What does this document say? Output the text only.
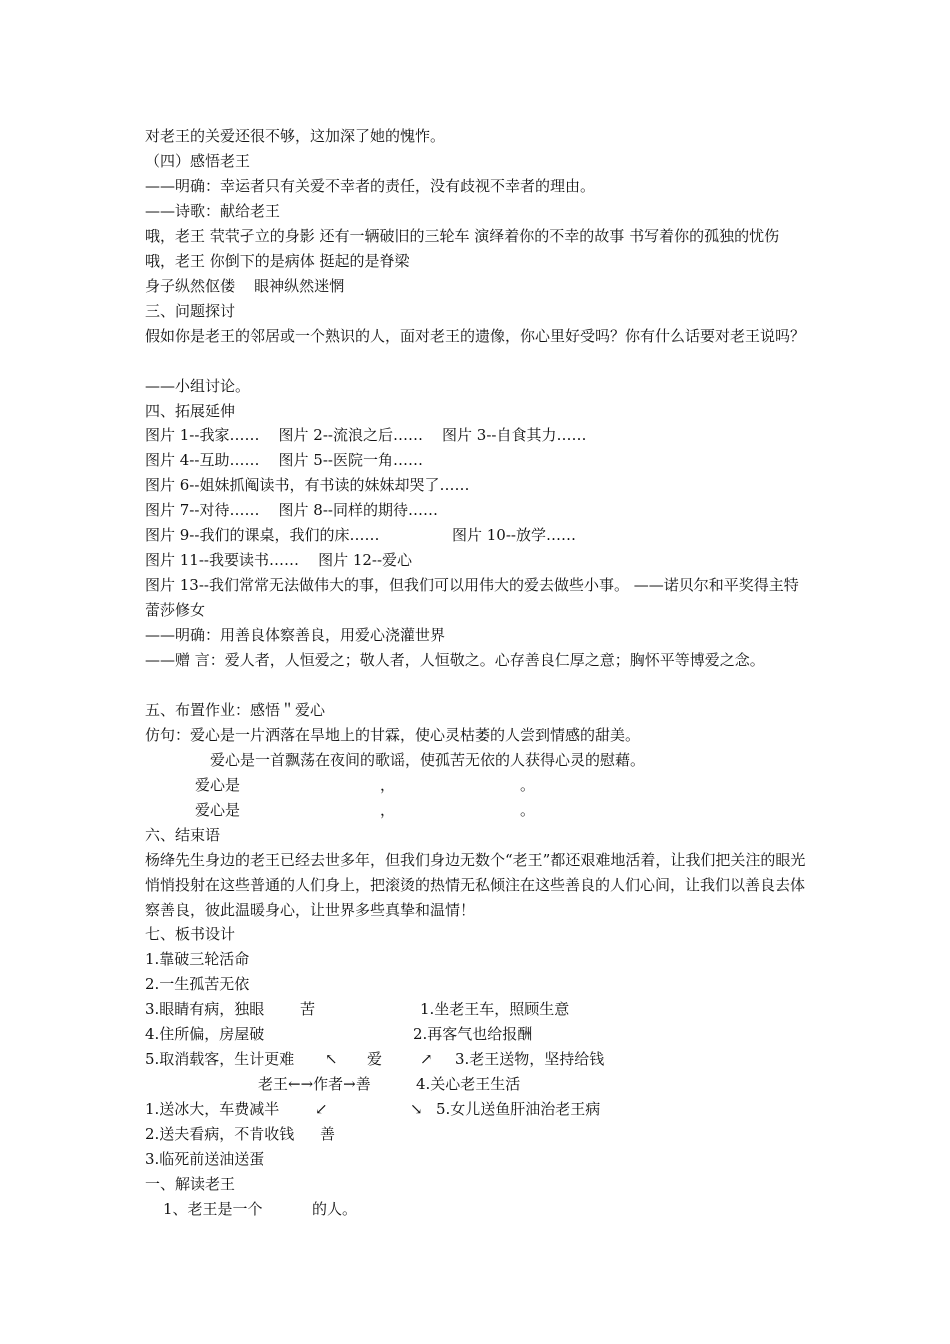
对老王的关爱还很不够，这加深了她的愧怍。
（四）感悟老王
——明确：幸运者只有关爱不幸者的责任，没有歧视不幸者的理由。
——诗歌：献给老王
哦，老王 茕茕孑立的身影 还有一辆破旧的三轮车 演绎着你的不幸的故事 书写着你的孤独的忧伤 哦，老王 你倒下的是病体 挺起的是脊梁
身子纵然伛偻    眼神纵然迷惘
三、问题探讨
假如你是老王的邻居或一个熟识的人，面对老王的遗像，你心里好受吗？你有什么话要对老王说吗？
——小组讨论。
四、拓展延伸
图片 1--我家……    图片 2--流浪之后……    图片 3--自食其力……
图片 4--互助……    图片 5--医院一角……
图片 6--姐妹抓阄读书，有书读的妹妹却哭了……
图片 7--对待……    图片 8--同样的期待……
图片 9--我们的课桌，我们的床……	图片 10--放学……
图片 11--我要读书……    图片 12--爱心
图片 13--我们常常无法做伟大的事，但我们可以用伟大的爱去做些小事。 ——诺贝尔和平奖得主特蕾莎修女
——明确：用善良体察善良，用爱心浇灌世界
——赠 言：爱人者，人恒爱之；敬人者，人恒敬之。心存善良仁厚之意；胸怀平等博爱之念。
五、布置作业：感悟＂爱心
仿句：爱心是一片洒落在旱地上的甘霖，使心灵枯萎的人尝到情感的甜美。
爱心是一首飘荡在夜间的歌谣，使孤苦无依的人获得心灵的慰藉。
爱心是	，	。
爱心是	，	。
六、结束语
杨绛先生身边的老王已经去世多年，但我们身边无数个“老王”都还艰难地活着，让我们把关注的眼光悄悄投射在这些普通的人们身上，把滚烫的热情无私倾注在这些善良的人们心间，让我们以善良去体察善良，彼此温暖身心，让世界多些真挚和温情！
七、板书设计
1.靠破三轮活命
2.一生孤苦无依
3.眼睛有病，独眼 苦	1.坐老王车，照顾生意
4.住所偏，房屋破	2.再客气也给报酬
5.取消载客，生计更难 ↖ 爱	↗ 3.老王送物，坚持给钱
老王←→作者→善	4.关心老王生活
1.送冰大，车费减半 ↙	↘ 5.女儿送鱼肝油治老王病
2.送夫看病，不肯收钱 善
3.临死前送油送蛋
一、解读老王
1、老王是一个	的人。
